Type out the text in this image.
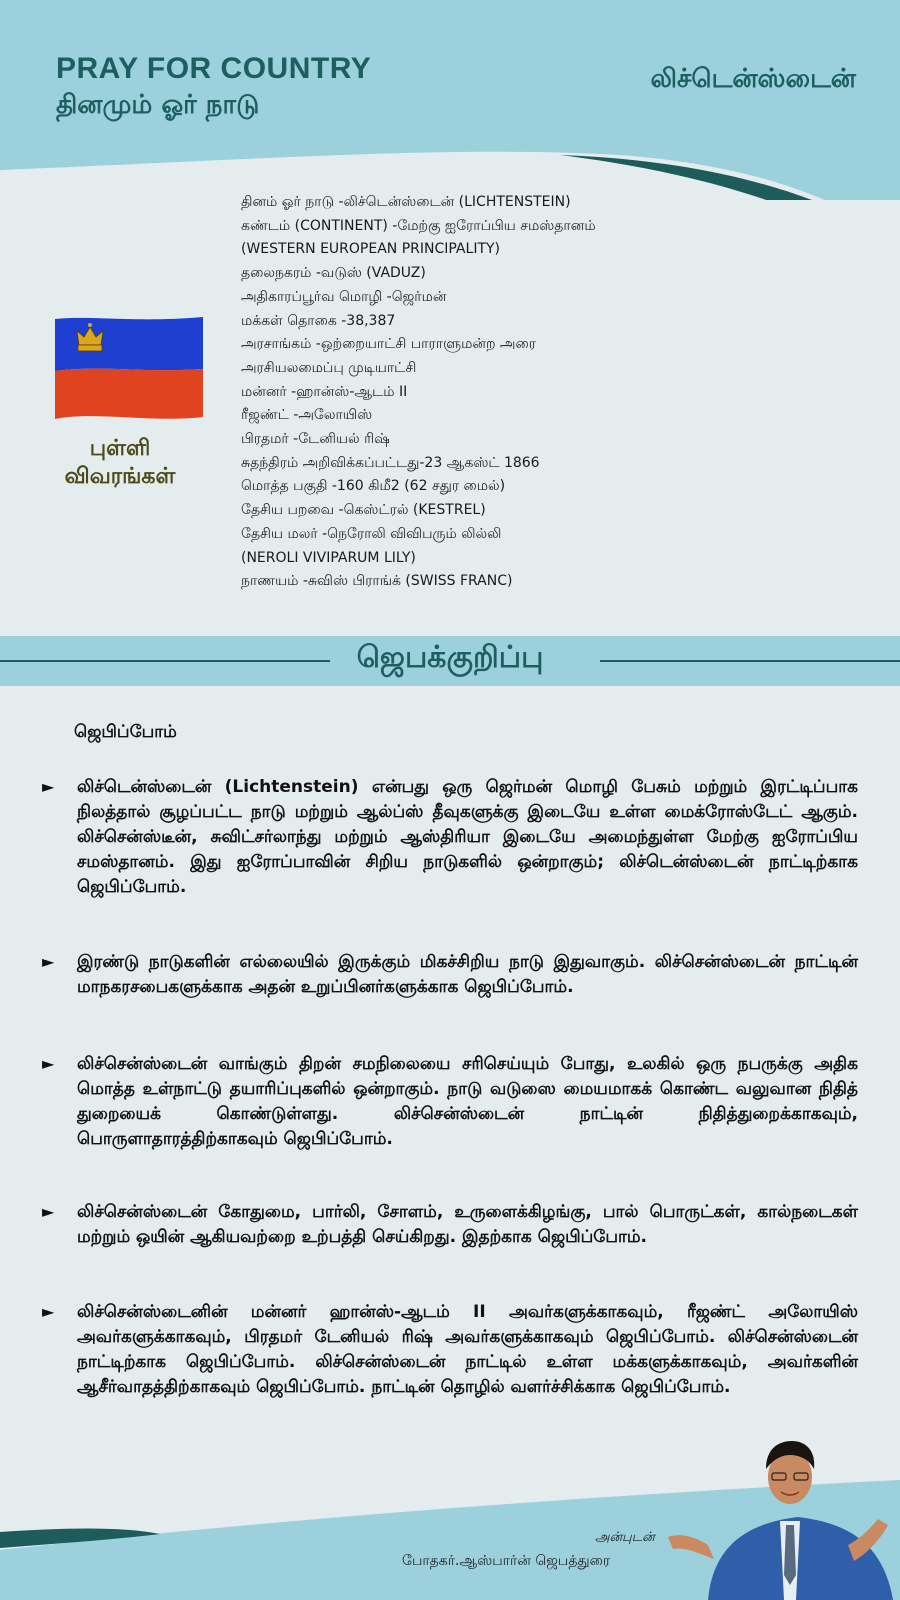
PRAY FOR COUNTRY
தினமும் ஓர் நாடு
லிச்டென்ஸ்டைன்
புள்ளி
விவரங்கள்
தினம் ஓர் நாடு -லிச்டென்ஸ்டைன் (LICHTENSTEIN)
கண்டம் (CONTINENT) -மேற்கு ஐரோப்பிய சமஸ்தானம்
(WESTERN EUROPEAN PRINCIPALITY)
தலைநகரம் -வடுஸ் (VADUZ)
அதிகாரப்பூர்வ மொழி -ஜெர்மன்
மக்கள் தொகை -38,387
அரசாங்கம் -ஒற்றையாட்சி பாராளுமன்ற அரை
அரசியலமைப்பு முடியாட்சி
மன்னர் -ஹான்ஸ்-ஆடம் II
ரீஜண்ட் -அலோயிஸ்
பிரதமர் -டேனியல் ரிஷ்
சுதந்திரம் அறிவிக்கப்பட்டது-23 ஆகஸ்ட் 1866
மொத்த பகுதி -160 கிமீ2 (62 சதுர மைல்)
தேசிய பறவை -கெஸ்ட்ரல் (KESTREL)
தேசிய மலர் -நெரோலி விவிபரும் லில்லி
(NEROLI VIVIPARUM LILY)
நாணயம் -சுவிஸ் பிராங்க் (SWISS FRANC)
ஜெபக்குறிப்பு
ஜெபிப்போம்
► லிச்டென்ஸ்டைன் (Lichtenstein) என்பது ஒரு ஜெர்மன் மொழி பேசும் மற்றும் இரட்டிப்பாக நிலத்தால் சூழப்பட்ட நாடு மற்றும் ஆல்ப்ஸ் தீவுகளுக்கு இடையே உள்ள மைக்ரோஸ்டேட் ஆகும். லிச்சென்ஸ்டீன், சுவிட்சர்லாந்து மற்றும் ஆஸ்திரியா இடையே அமைந்துள்ள மேற்கு ஐரோப்பிய சமஸ்தானம். இது ஐரோப்பாவின் சிறிய நாடுகளில் ஒன்றாகும்; லிச்டென்ஸ்டைன் நாட்டிற்காக ஜெபிப்போம்.
► இரண்டு நாடுகளின் எல்லையில் இருக்கும் மிகச்சிறிய நாடு இதுவாகும். லிச்சென்ஸ்டைன் நாட்டின் மாநகரசபைகளுக்காக அதன் உறுப்பினர்களுக்காக ஜெபிப்போம்.
► லிச்சென்ஸ்டைன் வாங்கும் திறன் சமநிலையை சரிசெய்யும் போது, உலகில் ஒரு நபருக்கு அதிக மொத்த உள்நாட்டு தயாரிப்புகளில் ஒன்றாகும். நாடு வடுஸை மையமாகக் கொண்ட வலுவான நிதித் துறையைக் கொண்டுள்ளது. லிச்சென்ஸ்டைன் நாட்டின் நிதித்துறைக்காகவும், பொருளாதாரத்திற்காகவும் ஜெபிப்போம்.
► லிச்சென்ஸ்டைன் கோதுமை, பார்லி, சோளம், உருளைக்கிழங்கு, பால் பொருட்கள், கால்நடைகள் மற்றும் ஒயின் ஆகியவற்றை உற்பத்தி செய்கிறது. இதற்காக ஜெபிப்போம்.
► லிச்சென்ஸ்டைனின் மன்னர் ஹான்ஸ்-ஆடம் II அவர்களுக்காகவும், ரீஜண்ட் அலோயிஸ் அவர்களுக்காகவும், பிரதமர் டேனியல் ரிஷ் அவர்களுக்காகவும் ஜெபிப்போம். லிச்சென்ஸ்டைன் நாட்டிற்காக ஜெபிப்போம். லிச்சென்ஸ்டைன் நாட்டில் உள்ள மக்களுக்காகவும், அவர்களின் ஆசீர்வாதத்திற்காகவும் ஜெபிப்போம். நாட்டின் தொழில் வளர்ச்சிக்காக ஜெபிப்போம்.
அன்புடன்
போதகர்.ஆஸ்பார்ன் ஜெபத்துரை
